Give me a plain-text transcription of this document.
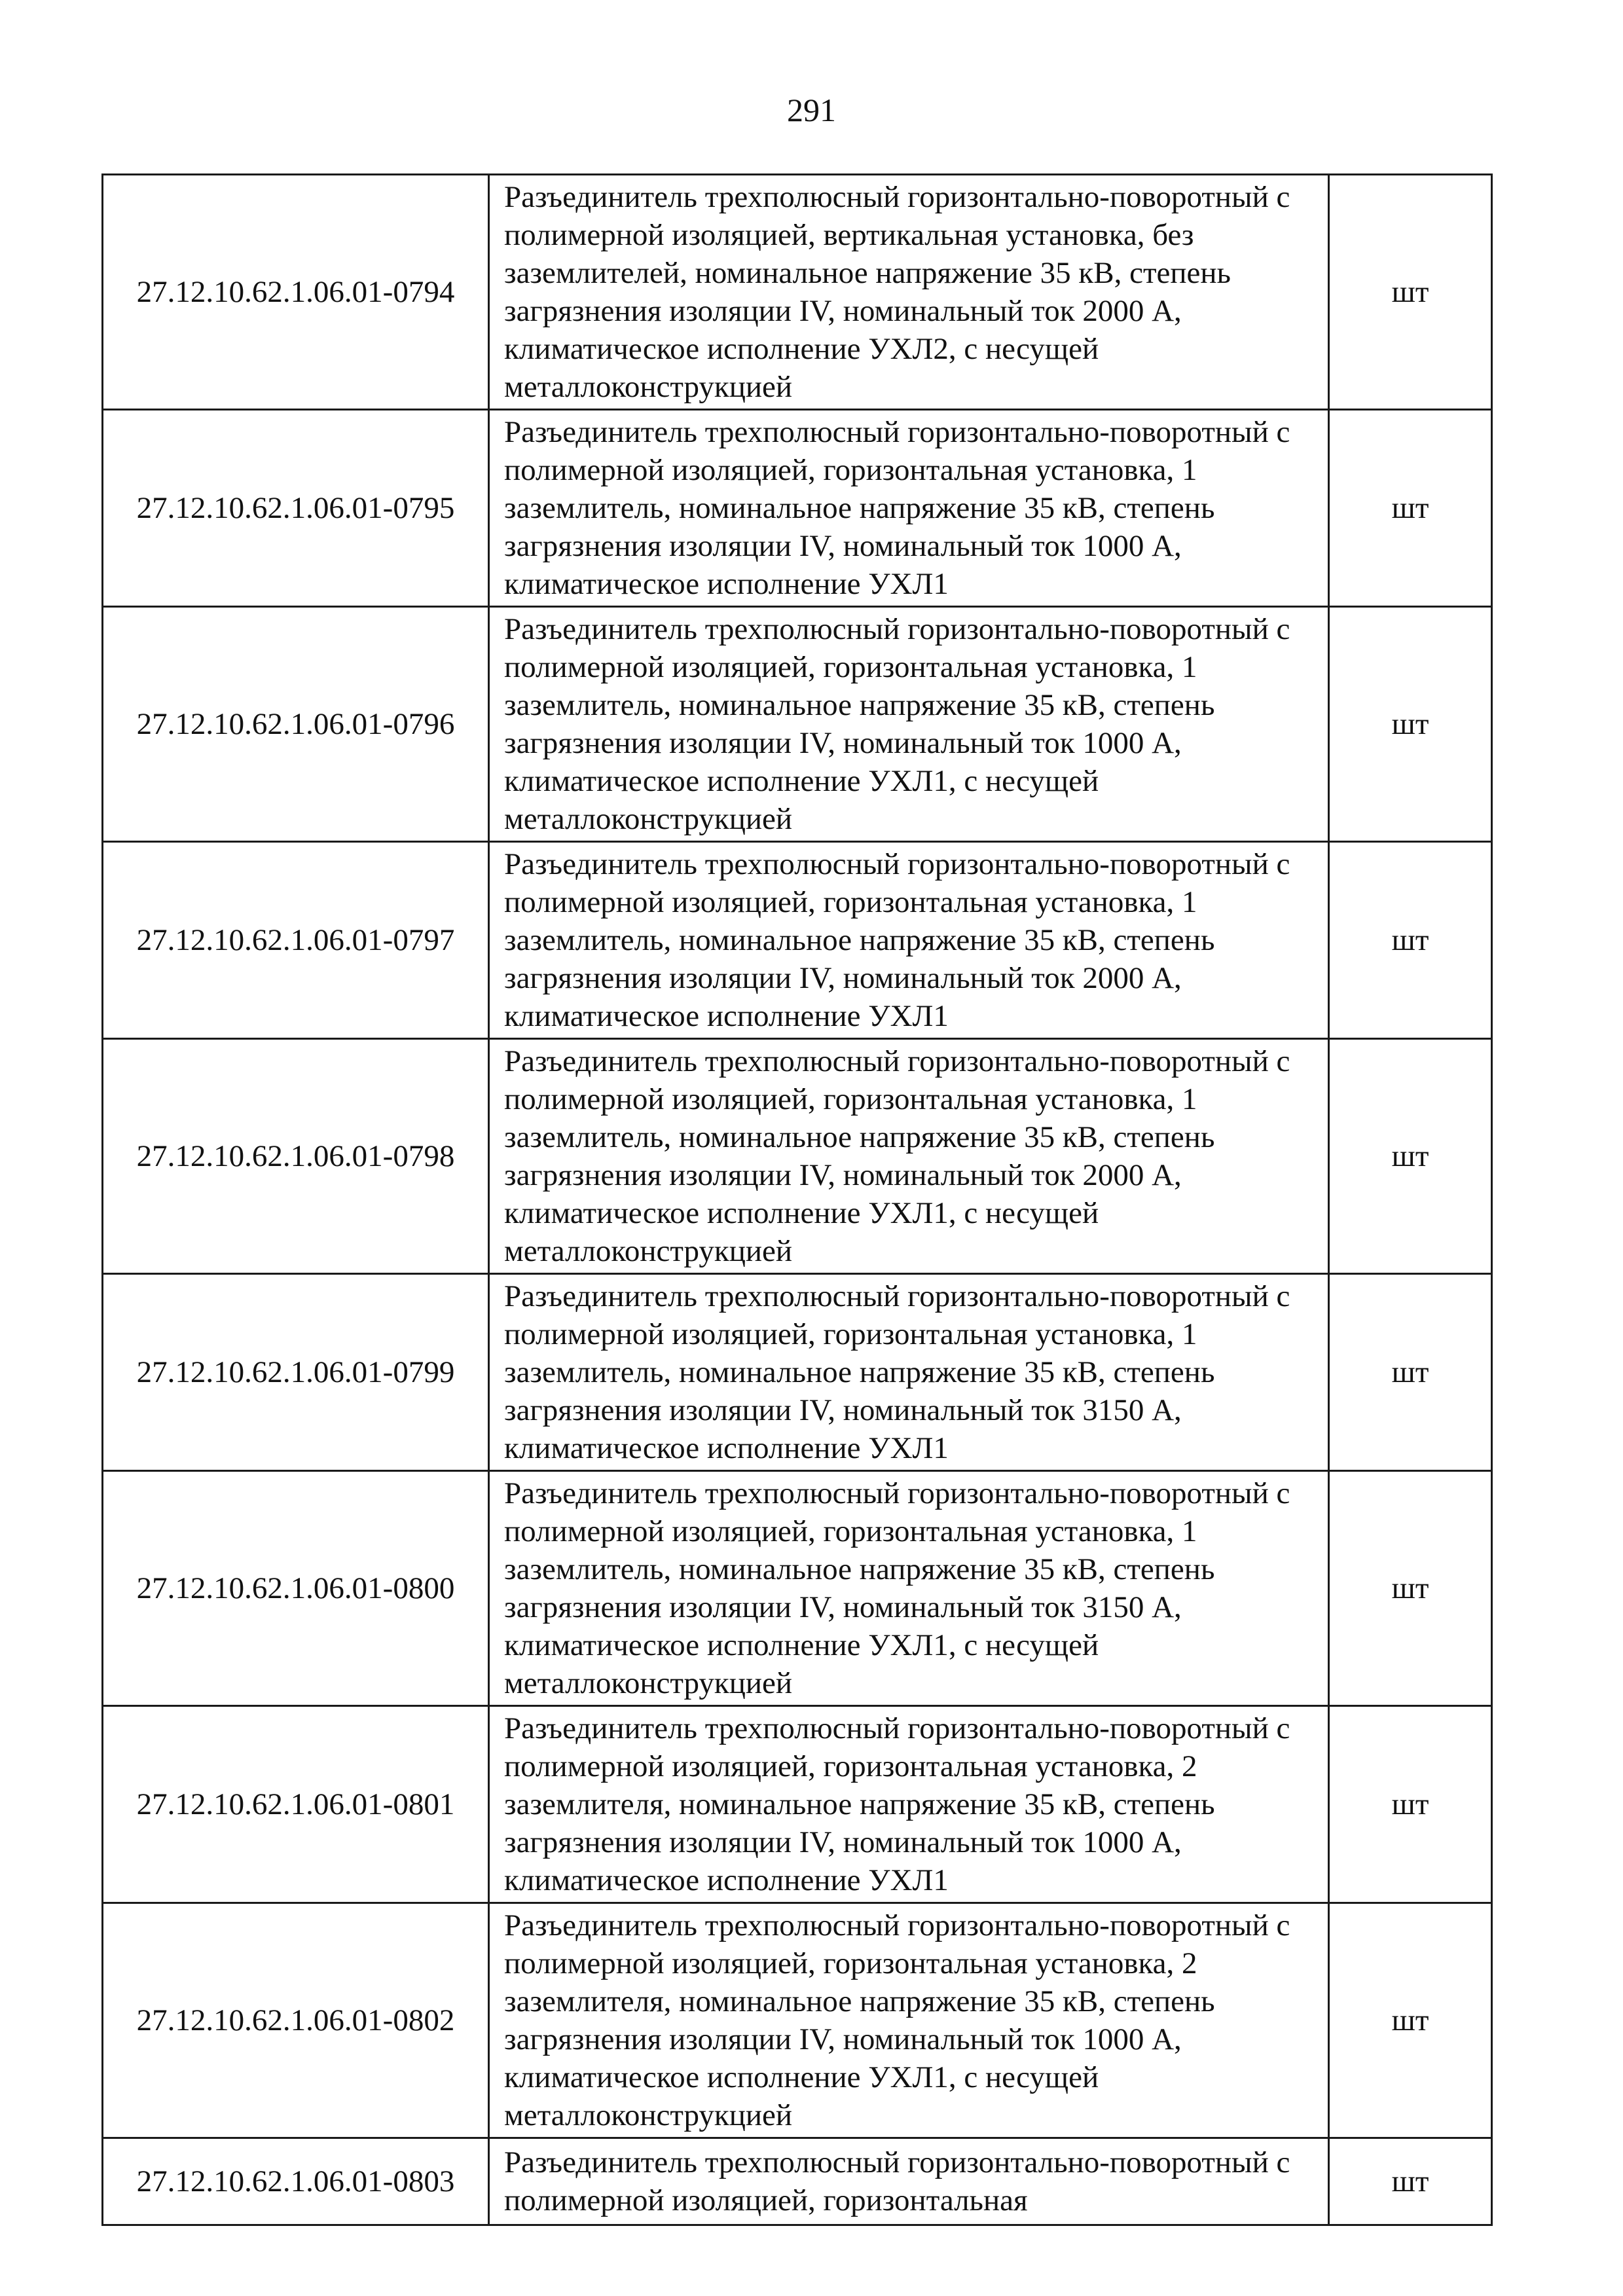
291
27.12.10.62.1.06.01-0794	Разъединитель трехполюсный горизонтально-поворотный с полимерной изоляцией, вертикальная установка, без заземлителей, номинальное напряжение 35 кВ, степень загрязнения изоляции IV, номинальный ток 2000 А, климатическое исполнение УХЛ2, с несущей металлоконструкцией	шт
27.12.10.62.1.06.01-0795	Разъединитель трехполюсный горизонтально-поворотный с полимерной изоляцией, горизонтальная установка, 1 заземлитель, номинальное напряжение 35 кВ, степень загрязнения изоляции IV, номинальный ток 1000 А, климатическое исполнение УХЛ1	шт
27.12.10.62.1.06.01-0796	Разъединитель трехполюсный горизонтально-поворотный с полимерной изоляцией, горизонтальная установка, 1 заземлитель, номинальное напряжение 35 кВ, степень загрязнения изоляции IV, номинальный ток 1000 А, климатическое исполнение УХЛ1, с несущей металлоконструкцией	шт
27.12.10.62.1.06.01-0797	Разъединитель трехполюсный горизонтально-поворотный с полимерной изоляцией, горизонтальная установка, 1 заземлитель, номинальное напряжение 35 кВ, степень загрязнения изоляции IV, номинальный ток 2000 А, климатическое исполнение УХЛ1	шт
27.12.10.62.1.06.01-0798	Разъединитель трехполюсный горизонтально-поворотный с полимерной изоляцией, горизонтальная установка, 1 заземлитель, номинальное напряжение 35 кВ, степень загрязнения изоляции IV, номинальный ток 2000 А, климатическое исполнение УХЛ1, с несущей металлоконструкцией	шт
27.12.10.62.1.06.01-0799	Разъединитель трехполюсный горизонтально-поворотный с полимерной изоляцией, горизонтальная установка, 1 заземлитель, номинальное напряжение 35 кВ, степень загрязнения изоляции IV, номинальный ток 3150 А, климатическое исполнение УХЛ1	шт
27.12.10.62.1.06.01-0800	Разъединитель трехполюсный горизонтально-поворотный с полимерной изоляцией, горизонтальная установка, 1 заземлитель, номинальное напряжение 35 кВ, степень загрязнения изоляции IV, номинальный ток 3150 А, климатическое исполнение УХЛ1, с несущей металлоконструкцией	шт
27.12.10.62.1.06.01-0801	Разъединитель трехполюсный горизонтально-поворотный с полимерной изоляцией, горизонтальная установка, 2 заземлителя, номинальное напряжение 35 кВ, степень загрязнения изоляции IV, номинальный ток 1000 А, климатическое исполнение УХЛ1	шт
27.12.10.62.1.06.01-0802	Разъединитель трехполюсный горизонтально-поворотный с полимерной изоляцией, горизонтальная установка, 2 заземлителя, номинальное напряжение 35 кВ, степень загрязнения изоляции IV, номинальный ток 1000 А, климатическое исполнение УХЛ1, с несущей металлоконструкцией	шт
27.12.10.62.1.06.01-0803	Разъединитель трехполюсный горизонтально-поворотный с полимерной изоляцией, горизонтальная	шт
